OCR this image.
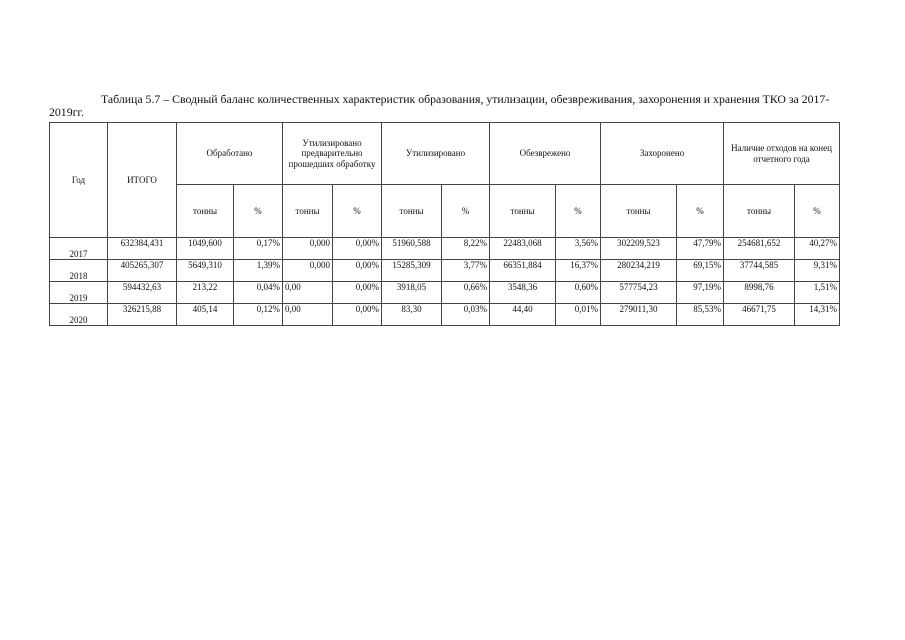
Таблица 5.7 – Сводный баланс количественных характеристик образования, утилизации, обезвреживания, захоронения и хранения ТКО за 2017-2019гг.
Год	ИТОГО	Обработано		Утилизировано предварительно прошедших обработку		Утилизировано		Обезврежено		Захоронено		Наличие отходов на конец отчетного года	
		тонны	%	тонны	%	тонны	%	тонны	%	тонны	%	тонны	%
2017	632384,431	1049,600	0,17%	0,000	0,00%	51960,588	8,22%	22483,068	3,56%	302209,523	47,79%	254681,652	40,27%
2018	405265,307	5649,310	1,39%	0,000	0,00%	15285,309	3,77%	66351,884	16,37%	280234,219	69,15%	37744,585	9,31%
2019	594432,63	213,22	0,04%	0,00	0,00%	3918,05	0,66%	3548,36	0,60%	577754,23	97,19%	8998,76	1,51%
2020	326215,88	405,14	0,12%	0,00	0,00%	83,30	0,03%	44,40	0,01%	279011,30	85,53%	46671,75	14,31%
